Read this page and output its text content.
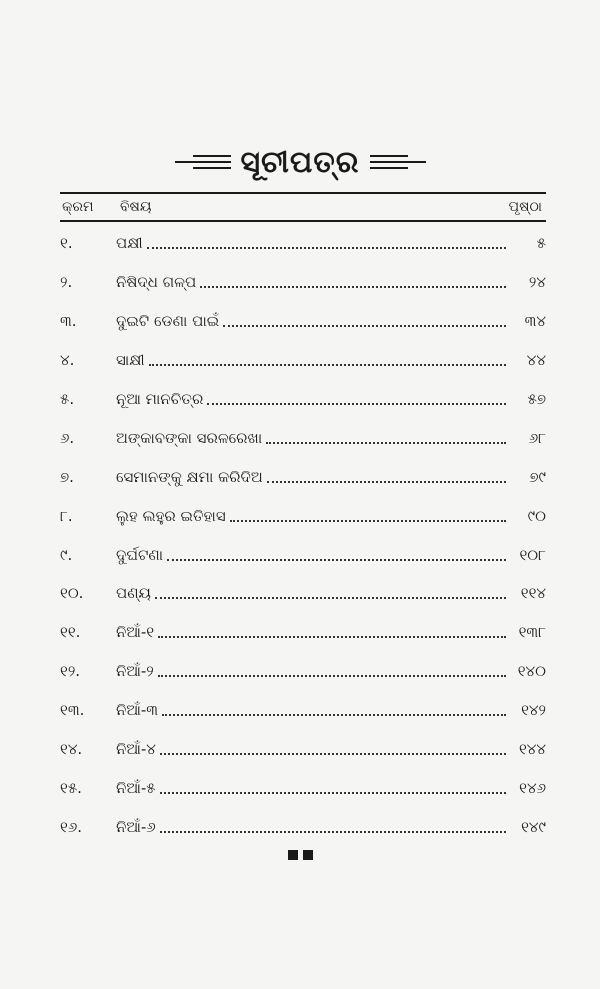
ସୂଚୀପତ୍ର
କ୍ରମ ବିଷୟ	ପୃଷ୍ଠା
୧.	ପକ୍ଷୀ	୫
୨.	ନିଷିଦ୍ଧ ଗଳ୍ପ	୨୪
୩.	ଦୁଇଟି ଡେଣା ପାଇଁ	୩୪
୪.	ସାକ୍ଷୀ	୪୪
୫.	ନୂଆ ମାନଚିତ୍ର	୫୭
୬.	ଅଙ୍କାବଙ୍କା ସରଳରେଖା	୬୮
୭.	ସେମାନଙ୍କୁ କ୍ଷମା କରିଦିଅ	୭୯
୮.	ଲୁହ ଲହୁର ଇତିହାସ	୯୦
୯.	ଦୁର୍ଘଟଣା	୧୦୮
୧୦.	ପଣ୍ୟ	୧୧୪
୧୧.	ନିଆଁ-୧	୧୩୮
୧୨.	ନିଆଁ-୨	୧୪୦
୧୩.	ନିଆଁ-୩	୧୪୨
୧୪.	ନିଆଁ-୪	୧୪୪
୧୫.	ନିଆଁ-୫	୧୪୬
୧୬.	ନିଆଁ-୬	୧୪୯
